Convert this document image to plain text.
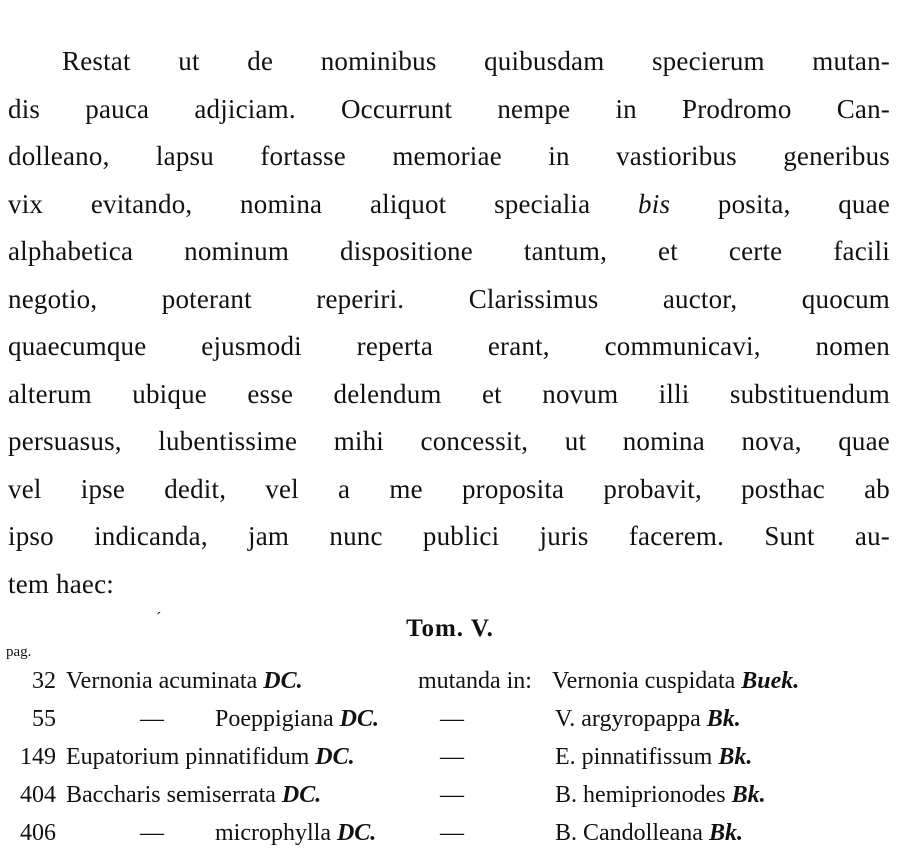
Restat ut de nominibus quibusdam specierum mutan-
dis pauca adjiciam. Occurrunt nempe in Prodromo Can-
dolleano, lapsu fortasse memoriae in vastioribus generibus
vix evitando, nomina aliquot specialia bis posita, quae
alphabetica nominum dispositione tantum, et certe facili
negotio, poterant reperiri. Clarissimus auctor, quocum
quaecumque ejusmodi reperta erant, communicavi, nomen
alterum ubique esse delendum et novum illi substituendum
persuasus, lubentissime mihi concessit, ut nomina nova, quae
vel ipse dedit, vel a me proposita probavit, posthac ab
ipso indicanda, jam nunc publici juris facerem. Sunt au-
tem haec:
ˊ	Tom. V.
pag.
32 Vernonia acuminata DC.	mutanda in: Vernonia cuspidata Buek.
55	— Poeppigiana DC.	—	V. argyropappa Bk.
149 Eupatorium pinnatifidum DC.	—	E. pinnatifissum Bk.
404 Baccharis semiserrata DC.	—	B. hemiprionodes Bk.
406	— microphylla DC.	—	B. Candolleana Bk.
